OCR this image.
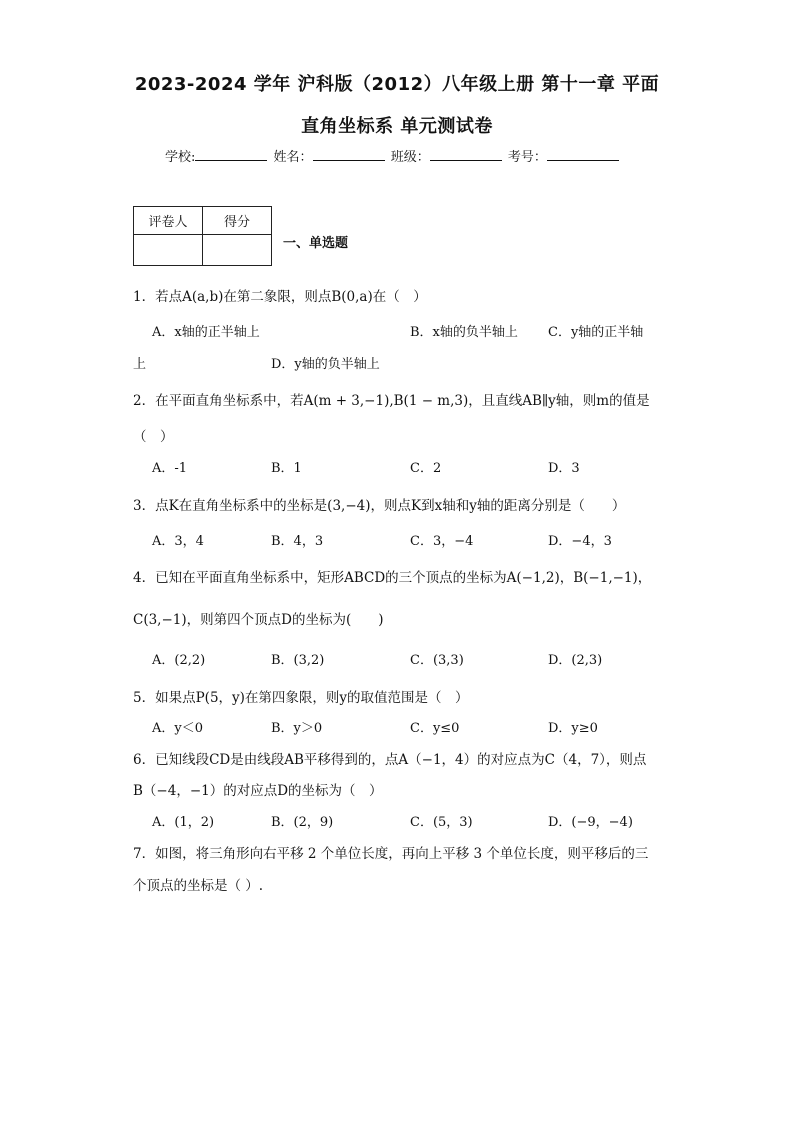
2023-2024 学年 沪科版（2012）八年级上册 第十一章 平面
直角坐标系 单元测试卷
学校:	姓名：	班级：	考号：
评卷人	得分

一、单选题
1．若点A(a,b)在第二象限，则点B(0,a)在（　）
A．x轴的正半轴上	B．x轴的负半轴上 C．y轴的正半轴
上	D．y轴的负半轴上
2．在平面直角坐标系中，若A(m + 3,−1),B(1 − m,3)，且直线AB∥y轴，则m的值是
（　）
A．-1	B．1	C．2	D．3
3．点K在直角坐标系中的坐标是(3,−4)，则点K到x轴和y轴的距离分别是（　　）
A．3，4	B．4，3	C．3，−4	D．−4，3
4．已知在平面直角坐标系中，矩形ABCD的三个顶点的坐标为A(−1,2)，B(−1,−1)，
C(3,−1)，则第四个顶点D的坐标为(　　)
A．(2,2)	B．(3,2)	C．(3,3)	D．(2,3)
5．如果点P(5，y)在第四象限，则y的取值范围是（　）
A．y＜0	B．y＞0	C．y≤0	D．y≥0
6．已知线段CD是由线段AB平移得到的，点A（−1，4）的对应点为C（4，7），则点
B（−4，−1）的对应点D的坐标为（　）
A．(1，2)	B．(2，9)	C．(5，3)	D．(−9，−4)
7．如图，将三角形向右平移 2 个单位长度，再向上平移 3 个单位长度，则平移后的三
个顶点的坐标是（ ）.
